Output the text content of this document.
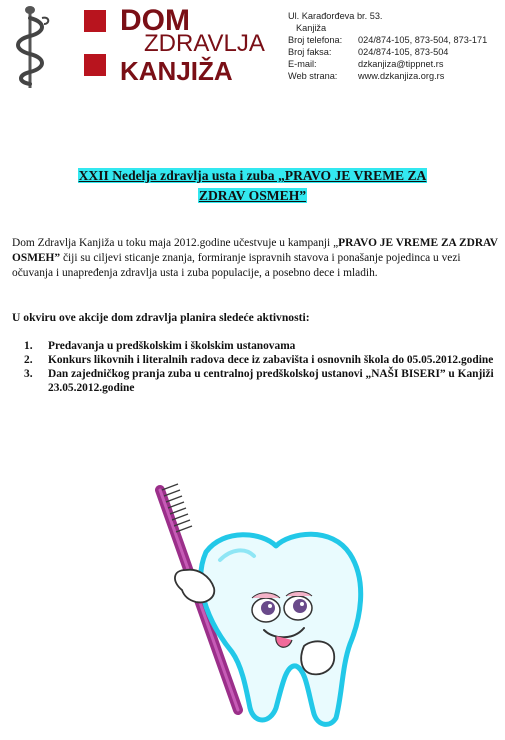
DOM
ZDRAVLJA
KANJIŽA
Ul. Karađorđeva br. 53.
Kanjiža
Broj telefona: 024/874-105, 873-504, 873-171
Broj faksa:	024/874-105, 873-504
E-mail:	dzkanjiza@tippnet.rs
Web strana: www.dzkanjiza.org.rs
XXII Nedelja zdravlja usta i zuba „PRAVO JE VREME ZA
ZDRAV OSMEH”
Dom Zdravlja Kanjiža u toku maja 2012.godine učestvuje u kampanji „PRAVO JE VREME ZA ZDRAV OSMEH” čiji su ciljevi sticanje znanja, formiranje ispravnih stavova i ponašanje pojedinca u vezi očuvanja i unapređenja zdravlja usta i zuba populacije, a posebno dece i mladih.
U okviru ove akcije dom zdravlja planira sledeće aktivnosti:
1. Predavanja u predškolskim i školskim ustanovama
2. Konkurs likovnih i literalnih radova dece iz zabavišta i osnovnih škola do 05.05.2012.godine
3. Dan zajedničkog pranja zuba u centralnoj predškolskoj ustanovi „NAŠI BISERI” u Kanjiži 23.05.2012.godine
